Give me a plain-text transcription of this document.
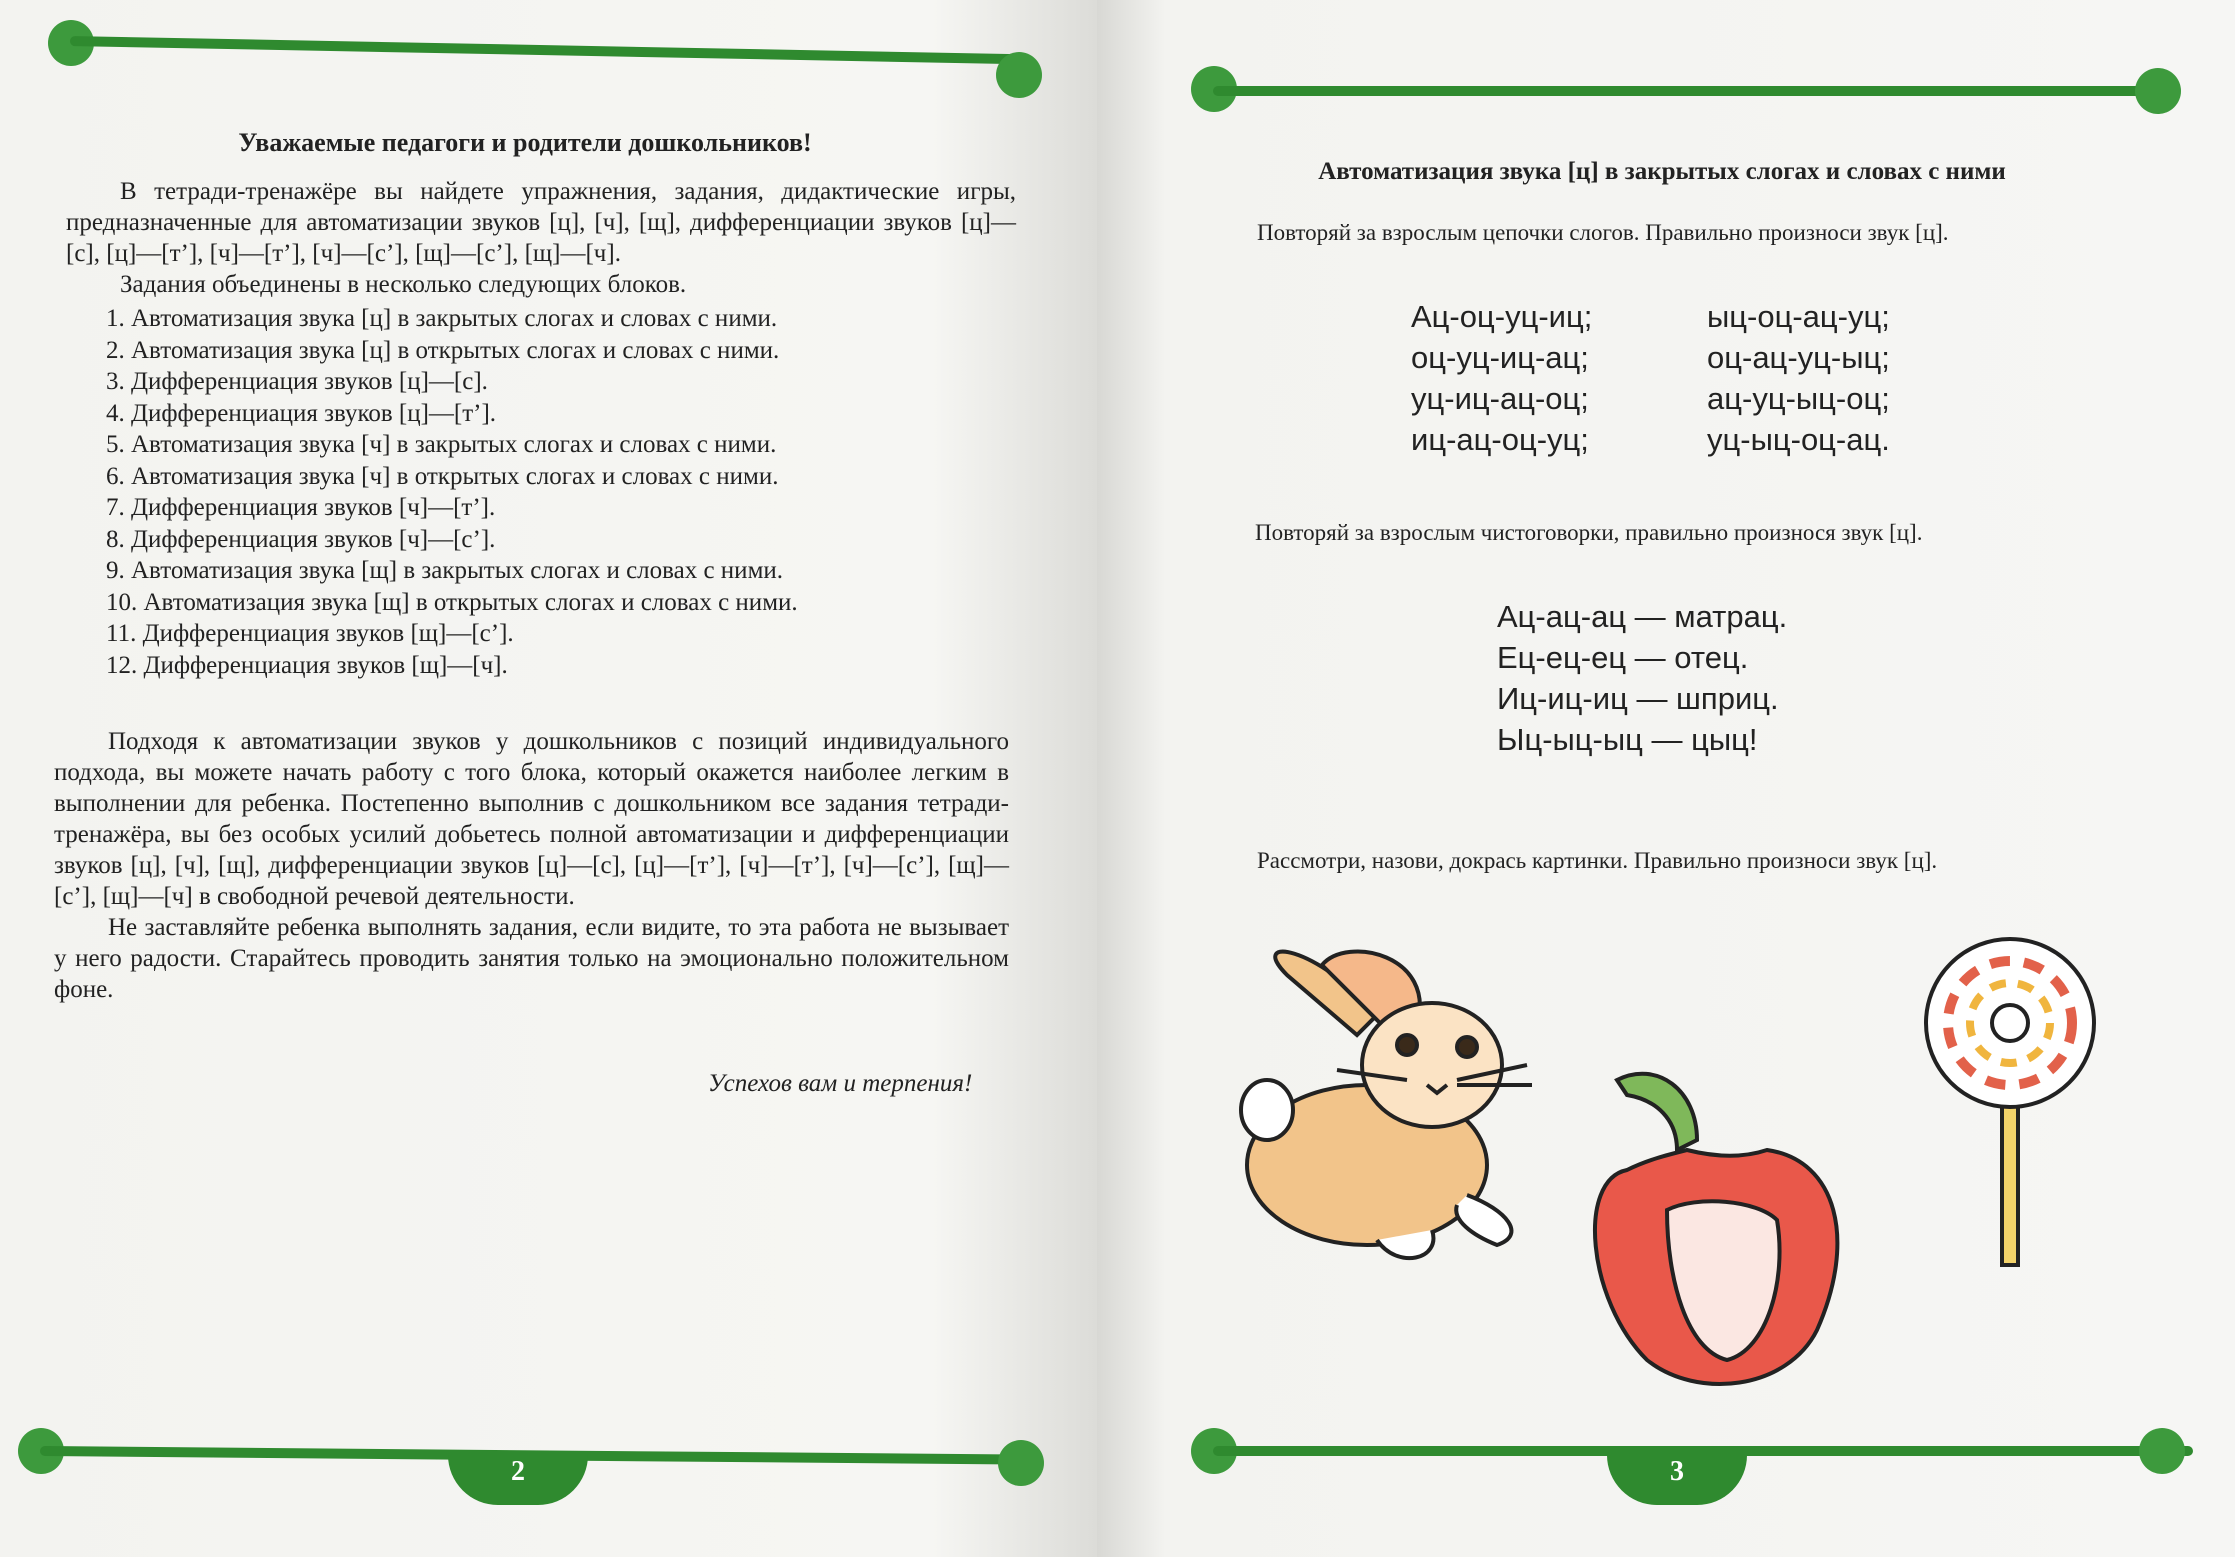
Уважаемые педагоги и родители дошкольников!

В тетради-тренажёре вы найдете упражнения, задания, дидактические игры, предназначенные для автоматизации звуков [ц], [ч], [щ], дифференциации звуков [ц]—[с], [ц]—[т’], [ч]—[т’], [ч]—[с’], [щ]—[с’], [щ]—[ч].

Задания объединены в несколько следующих блоков.

1. Автоматизация звука [ц] в закрытых слогах и словах с ними.
2. Автоматизация звука [ц] в открытых слогах и словах с ними.
3. Дифференциация звуков [ц]—[с].
4. Дифференциация звуков [ц]—[т’].
5. Автоматизация звука [ч] в закрытых слогах и словах с ними.
6. Автоматизация звука [ч] в открытых слогах и словах с ними.
7. Дифференциация звуков [ч]—[т’].
8. Дифференциация звуков [ч]—[с’].
9. Автоматизация звука [щ] в закрытых слогах и словах с ними.
10. Автоматизация звука [щ] в открытых слогах и словах с ними.
11. Дифференциация звуков [щ]—[с’].
12. Дифференциация звуков [щ]—[ч].

Подходя к автоматизации звуков у дошкольников с позиций индивидуального подхода, вы можете начать работу с того блока, который окажется наиболее легким в выполнении для ребенка. Постепенно выполнив с дошкольником все задания тетради-тренажёра, вы без особых усилий добьетесь полной автоматизации и дифференциации звуков [ц], [ч], [щ], дифференциации звуков [ц]—[с], [ц]—[т’], [ч]—[т’], [ч]—[с’], [щ]—[с’], [щ]—[ч] в свободной речевой деятельности.

Не заставляйте ребенка выполнять задания, если видите, то эта работа не вызывает у него радости. Старайтесь проводить занятия только на эмоционально положительном фоне.

Успехов вам и терпения!
2
Автоматизация звука [ц] в закрытых слогах и словах с ними
Повторяй за взрослым цепочки слогов. Правильно произноси звук [ц].
Ац-оц-уц-иц;
оц-уц-иц-ац;
уц-иц-ац-оц;
иц-ац-оц-уц;
ыц-оц-ац-уц;
оц-ац-уц-ыц;
ац-уц-ыц-оц;
уц-ыц-оц-ац.
Повторяй за взрослым чистоговорки, правильно произнося звук [ц].
Ац-ац-ац — матрац.
Ец-ец-ец — отец.
Иц-иц-иц — шприц.
Ыц-ыц-ыц — цыц!
Рассмотри, назови, докрась картинки. Правильно произноси звук [ц].
3
